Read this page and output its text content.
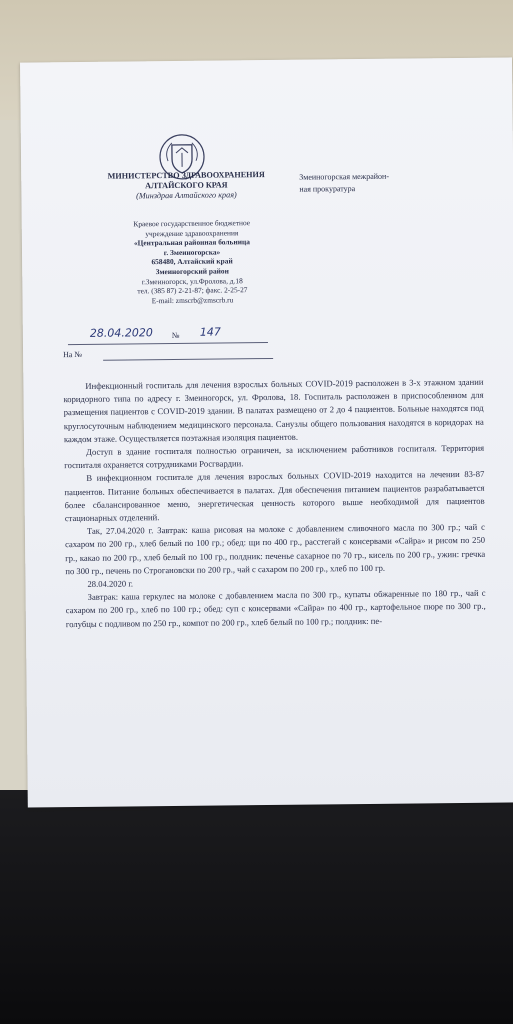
МИНИСТЕРСТВО ЗДРАВООХРАНЕНИЯ
АЛТАЙСКОГО КРАЯ
(Минздрав Алтайского края)
Краевое государственное бюджетное
учреждение здравоохранения
«Центральная районная больница
г. Змеиногорска»
658480, Алтайский край
Змеиногорский район
г.Змеиногорск, ул.Фролова, д.18
тел. (385 87) 2-21-87; факс. 2-25-27
E-mail: zmscrb@zmscrb.ru
Змеиногорская межрайон-
ная прокуратура
28.04.2020 № 147
На №

Инфекционный госпиталь для лечения взрослых больных COVID-2019 расположен в 3-х этажном здании коридорного типа по адресу г. Змеиногорск, ул. Фролова, 18. Госпиталь расположен в приспособленном для размещения пациентов с COVID-2019 здании. В палатах размещено от 2 до 4 пациентов. Больные находятся под круглосуточным наблюдением медицинского персонала. Санузлы общего пользования находятся в коридорах на каждом этаже. Осуществляется поэтажная изоляция пациентов.

Доступ в здание госпиталя полностью ограничен, за исключением работников госпиталя. Территория госпиталя охраняется сотрудниками Росгвардии.

В инфекционном госпитале для лечения взрослых больных COVID-2019 находится на лечении 83-87 пациентов. Питание больных обеспечивается в палатах. Для обеспечения питанием пациентов разрабатывается более сбалансированное меню, энергетическая ценность которого выше необходимой для пациентов стационарных отделений.

Так, 27.04.2020 г. Завтрак: каша рисовая на молоке с добавлением сливочного масла по 300 гр.; чай с сахаром по 200 гр., хлеб белый по 100 гр.; обед: щи по 400 гр., расстегай с консервами «Сайра» и рисом по 250 гр., какао по 200 гр., хлеб белый по 100 гр., полдник: печенье сахарное по 70 гр., кисель по 200 гр., ужин: гречка по 300 гр., печень по Строгановски по 200 гр., чай с сахаром по 200 гр., хлеб по 100 гр.

28.04.2020 г.

Завтрак: каша геркулес на молоке с добавлением масла по 300 гр., купаты обжаренные по 180 гр., чай с сахаром по 200 гр., хлеб по 100 гр.; обед: суп с консервами «Сайра» по 400 гр., картофельное пюре по 300 гр., голубцы с подливом по 250 гр., компот по 200 гр., хлеб белый по 100 гр.; полдник: пе-
